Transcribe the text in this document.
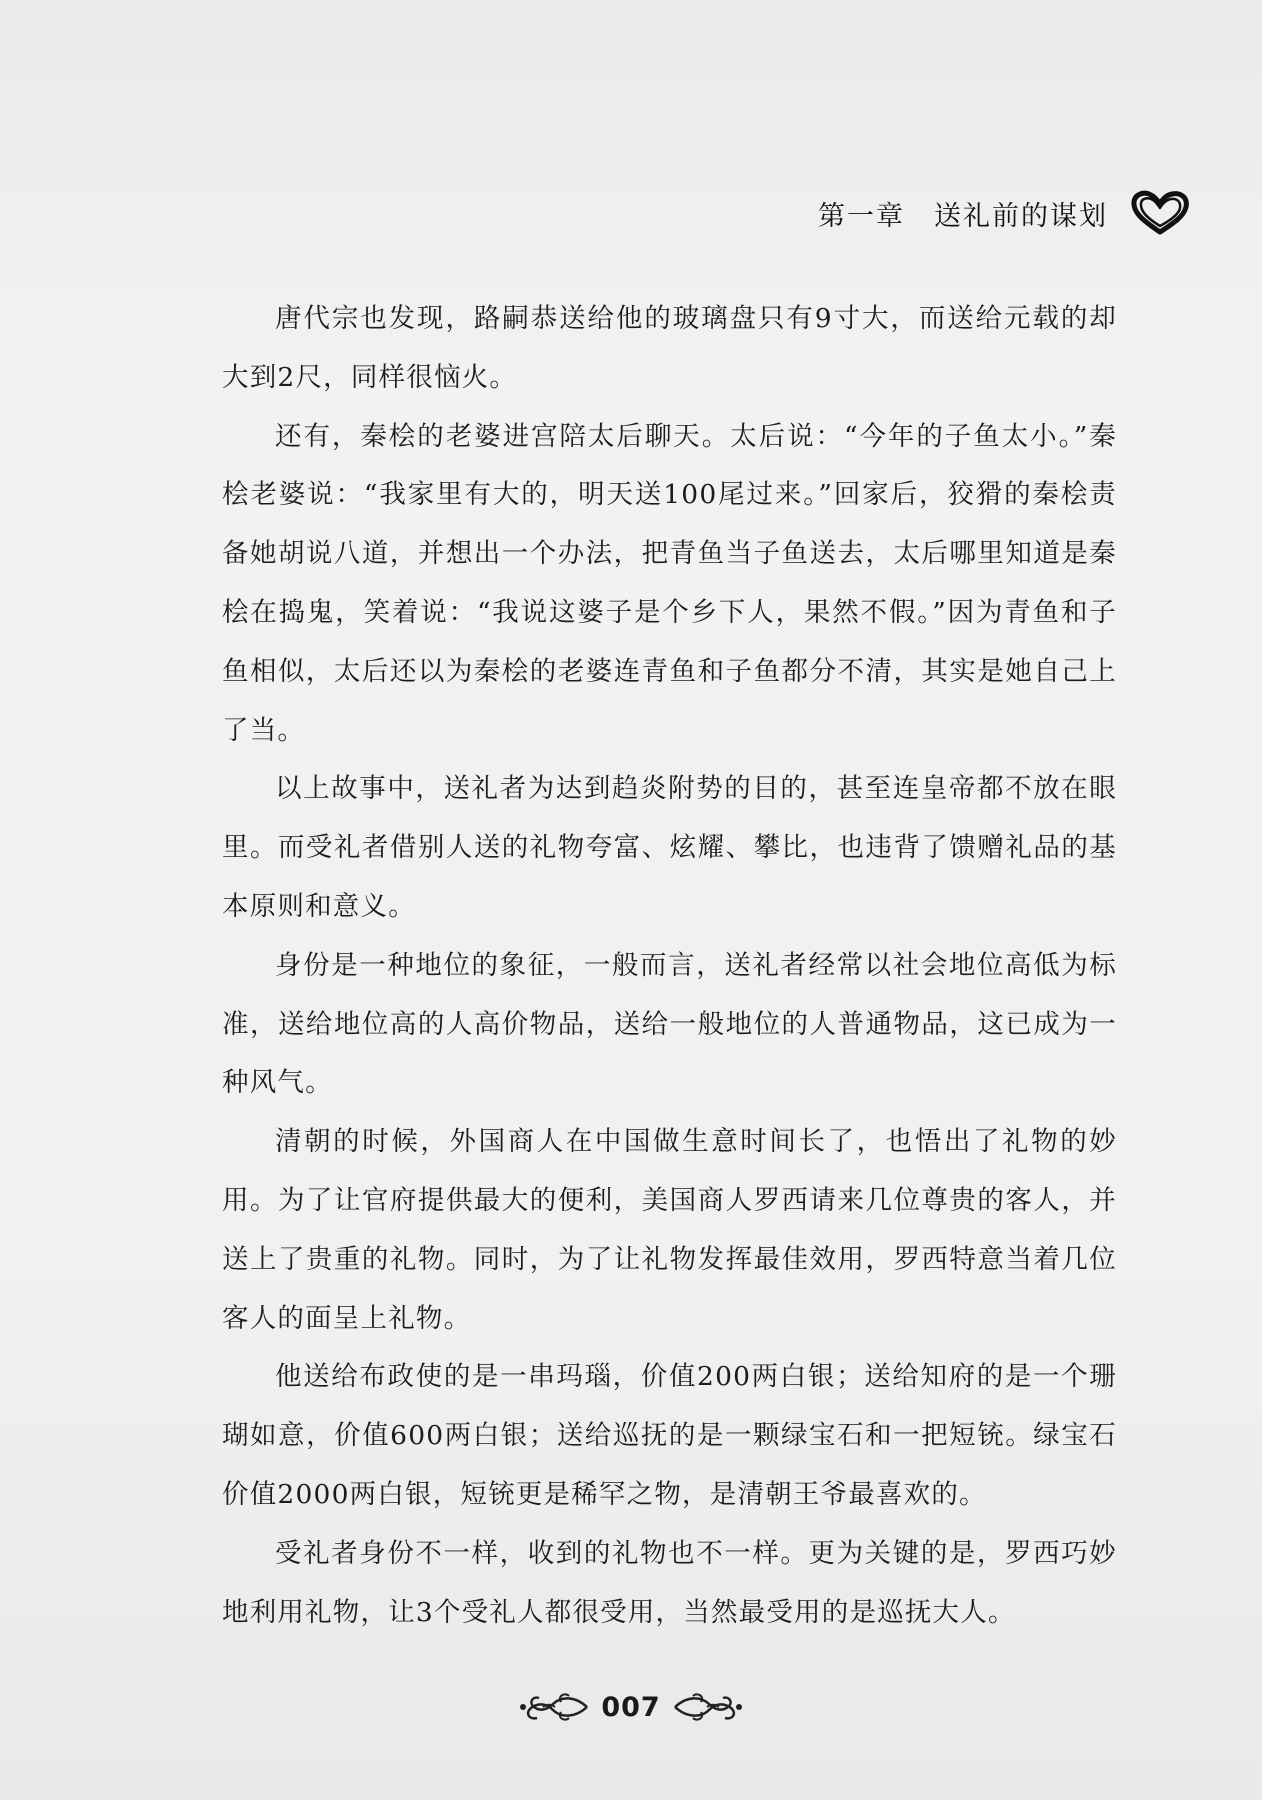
第一章　送礼前的谋划

唐代宗也发现，路嗣恭送给他的玻璃盘只有9寸大，而送给元载的却大到2尺，同样很恼火。

还有，秦桧的老婆进宫陪太后聊天。太后说：“今年的子鱼太小。”秦桧老婆说：“我家里有大的，明天送100尾过来。”回家后，狡猾的秦桧责备她胡说八道，并想出一个办法，把青鱼当子鱼送去，太后哪里知道是秦桧在捣鬼，笑着说：“我说这婆子是个乡下人，果然不假。”因为青鱼和子鱼相似，太后还以为秦桧的老婆连青鱼和子鱼都分不清，其实是她自己上了当。

以上故事中，送礼者为达到趋炎附势的目的，甚至连皇帝都不放在眼里。而受礼者借别人送的礼物夸富、炫耀、攀比，也违背了馈赠礼品的基本原则和意义。

身份是一种地位的象征，一般而言，送礼者经常以社会地位高低为标准，送给地位高的人高价物品，送给一般地位的人普通物品，这已成为一种风气。

清朝的时候，外国商人在中国做生意时间长了，也悟出了礼物的妙用。为了让官府提供最大的便利，美国商人罗西请来几位尊贵的客人，并送上了贵重的礼物。同时，为了让礼物发挥最佳效用，罗西特意当着几位客人的面呈上礼物。

他送给布政使的是一串玛瑙，价值200两白银；送给知府的是一个珊瑚如意，价值600两白银；送给巡抚的是一颗绿宝石和一把短铳。绿宝石价值2000两白银，短铳更是稀罕之物，是清朝王爷最喜欢的。

受礼者身份不一样，收到的礼物也不一样。更为关键的是，罗西巧妙地利用礼物，让3个受礼人都很受用，当然最受用的是巡抚大人。

007
